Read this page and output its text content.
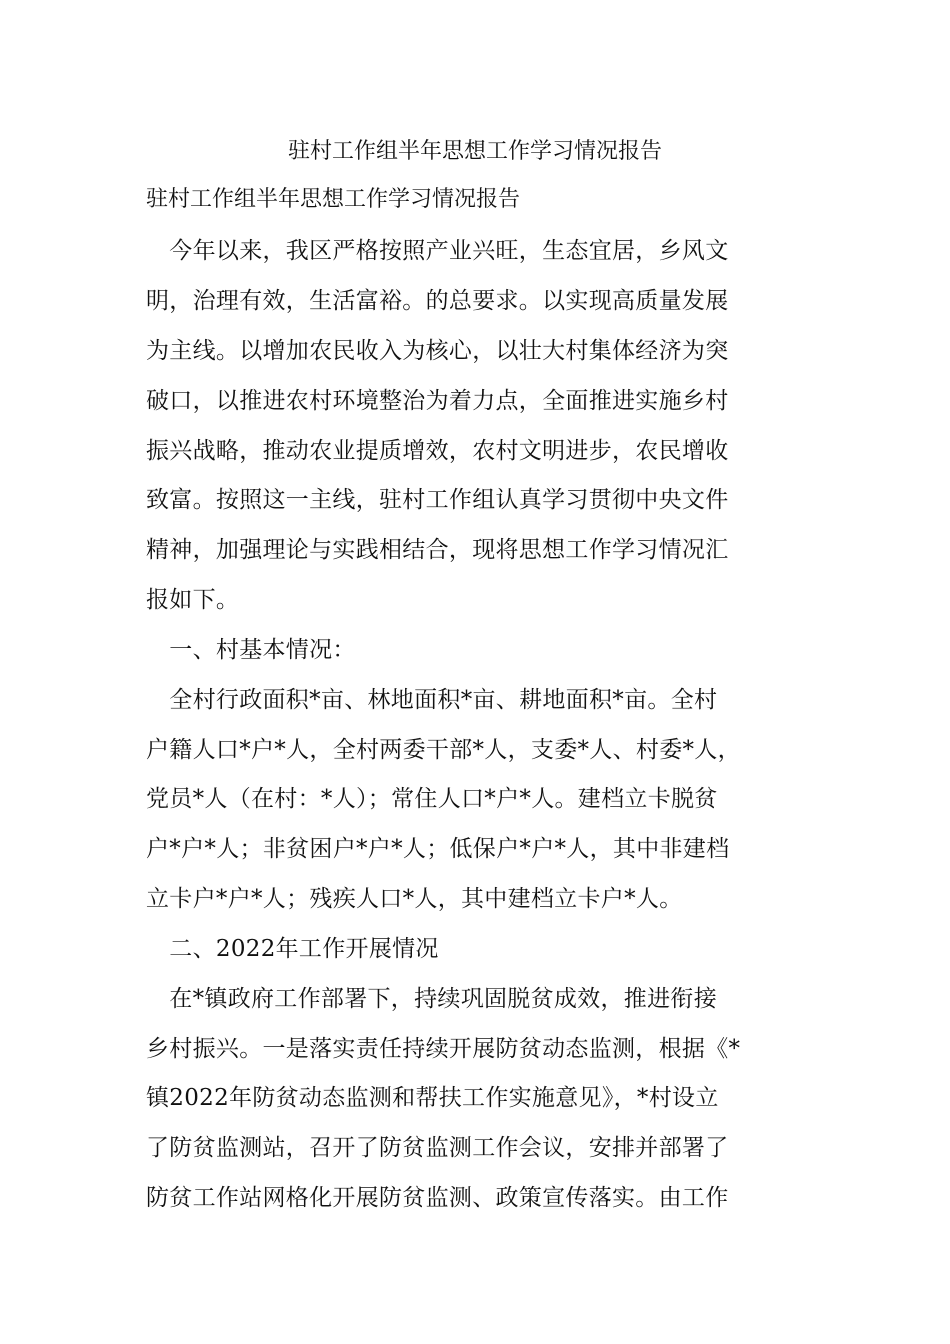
驻村工作组半年思想工作学习情况报告
驻村工作组半年思想工作学习情况报告
　今年以来，我区严格按照产业兴旺，生态宜居，乡风文
明，治理有效，生活富裕。的总要求。以实现高质量发展
为主线。以增加农民收入为核心，以壮大村集体经济为突
破口，以推进农村环境整治为着力点，全面推进实施乡村
振兴战略，推动农业提质增效，农村文明进步，农民增收
致富。按照这一主线，驻村工作组认真学习贯彻中央文件
精神，加强理论与实践相结合，现将思想工作学习情况汇
报如下。
　一、村基本情况：
　全村行政面积*亩、林地面积*亩、耕地面积*亩。全村
户籍人口*户*人，全村两委干部*人，支委*人、村委*人，
党员*人（在村：*人）；常住人口*户*人。建档立卡脱贫
户*户*人；非贫困户*户*人；低保户*户*人，其中非建档
立卡户*户*人；残疾人口*人，其中建档立卡户*人。
　二、2022年工作开展情况
　在*镇政府工作部署下，持续巩固脱贫成效，推进衔接
乡村振兴。一是落实责任持续开展防贫动态监测，根据《*
镇2022年防贫动态监测和帮扶工作实施意见》，*村设立
了防贫监测站，召开了防贫监测工作会议，安排并部署了
防贫工作站网格化开展防贫监测、政策宣传落实。由工作
